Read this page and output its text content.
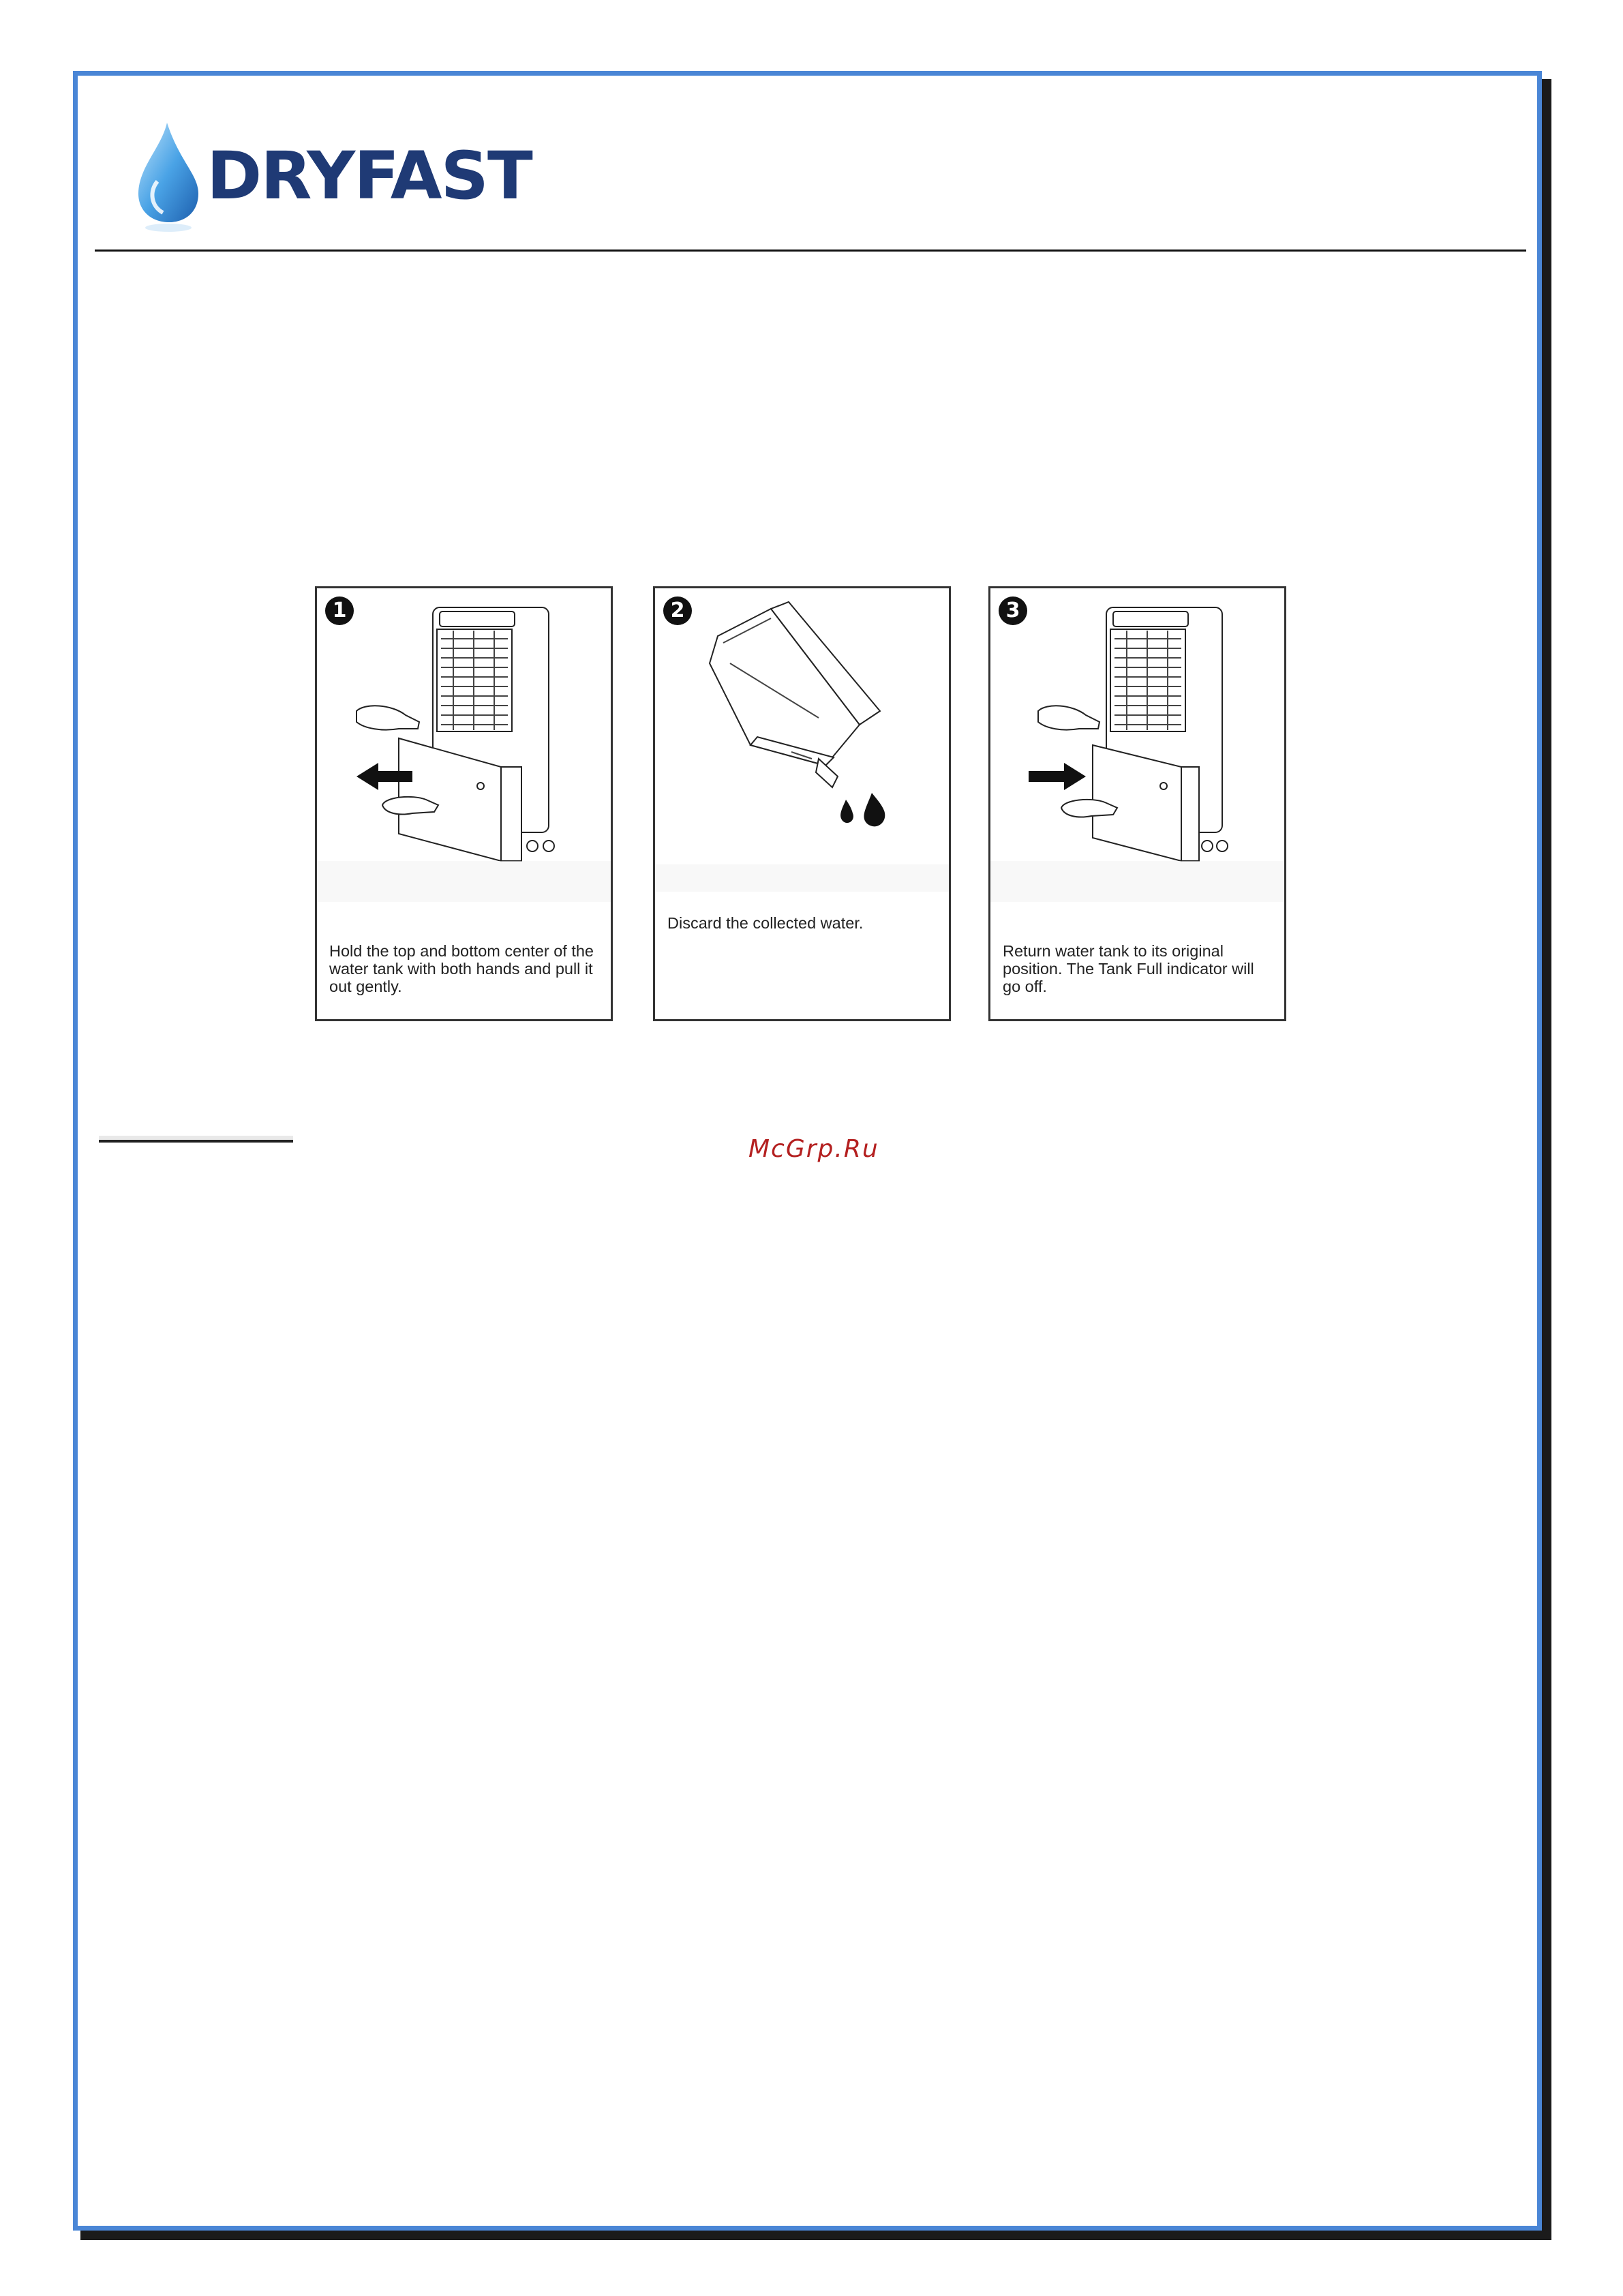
DRYFAST
1
Hold the top and bottom center of the water tank with both hands and pull it out gently.
2
Discard the collected water.
3
Return water tank to its original position. The Tank Full indicator will go off.
McGrp.Ru
